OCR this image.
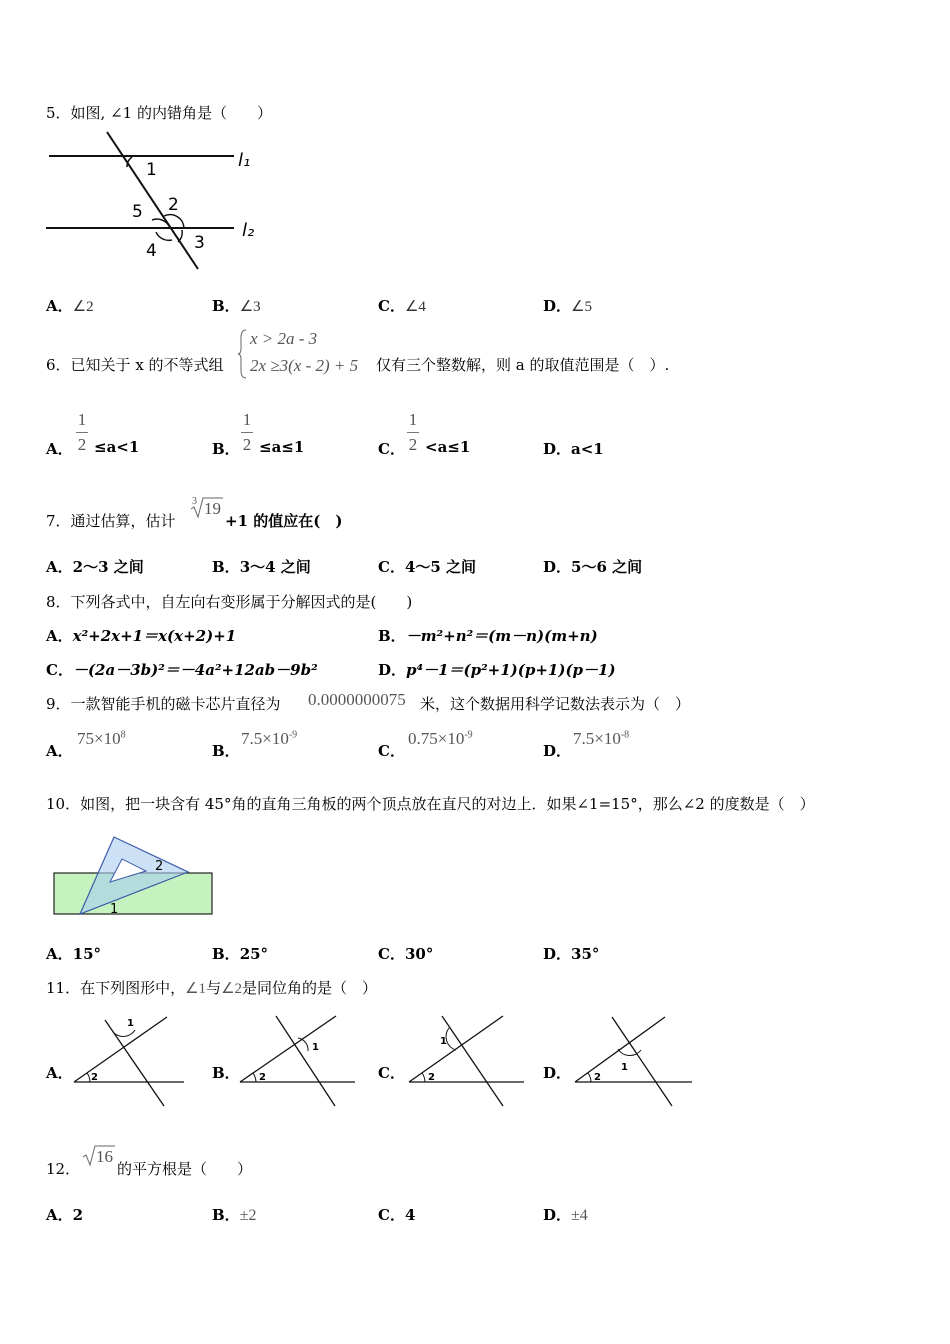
5．如图, ∠1 的内错角是（　　）
1
2
3
4
5
l₁
l₂
A．∠2	B．∠3	C．∠4	D．∠5
6．已知关于 x 的不等式组
x > 2a - 3
2x ≥3(x - 2) + 5 仅有三个整数解，则 a 的取值范围是（　）.
A．
1
2 ≤a<1	B．
1
2 ≤a≤1	C．
1
2 <a≤1	D．a<1
7．通过估算，估计
3 19
+1 的值应在(　)
A．2～3 之间	B．3～4 之间	C．4～5 之间	D．5～6 之间
8．下列各式中，自左向右变形属于分解因式的是(　　)
A．x²+2x+1＝x(x+2)+1	B．－m²+n²＝(m－n)(m+n)
C．－(2a－3b)²＝－4a²+12ab－9b²	D．p⁴－1＝(p²+1)(p+1)(p－1)
9．一款智能手机的磁卡芯片直径为 0.0000000075 米，这个数据用科学记数法表示为（　）
A．
$75\times 10^8$
B．
$7.5\times 10^{-9}$
C．
$0.75\times 10^{-9}$
D．
$7.5\times 10^{-8}$
10．如图，把一块含有 45°角的直角三角板的两个顶点放在直尺的对边上．如果∠1=15°，那么∠2 的度数是（　）
2
1
A．15°	B．25°	C．30°	D．35°
11．在下列图形中，∠1与∠2是同位角的是（　）
A． 2
1
B． 2
1
C． 2
1
D． 2
1
12．
16
的平方根是（　　）
A．2	B．±2	C．4	D．±4
